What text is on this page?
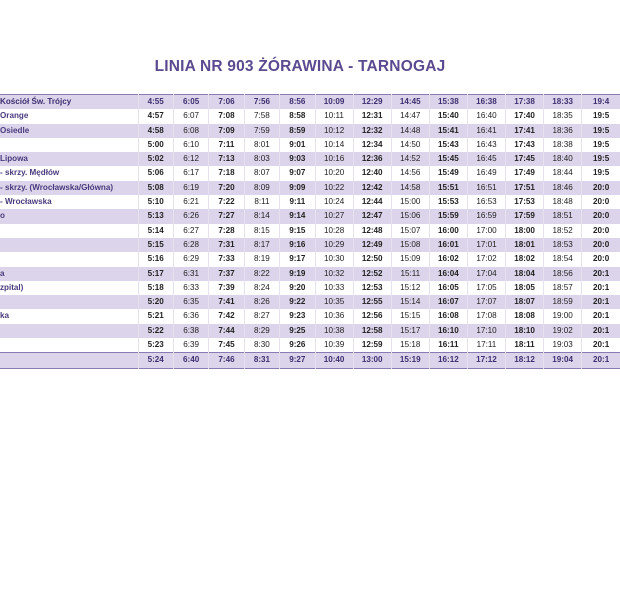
LINIA NR 903 ŻÓRAWINA - TARNOGAJ
Kościół Św. Trójcy	4:55	6:05	7:06	7:56	8:56	10:09	12:29	14:45	15:38	16:38	17:38	18:33	19:4
Orange	4:57	6:07	7:08	7:58	8:58	10:11	12:31	14:47	15:40	16:40	17:40	18:35	19:5
Osiedle	4:58	6:08	7:09	7:59	8:59	10:12	12:32	14:48	15:41	16:41	17:41	18:36	19:5
	5:00	6:10	7:11	8:01	9:01	10:14	12:34	14:50	15:43	16:43	17:43	18:38	19:5
Lipowa	5:02	6:12	7:13	8:03	9:03	10:16	12:36	14:52	15:45	16:45	17:45	18:40	19:5
- skrzy. Mędłów	5:06	6:17	7:18	8:07	9:07	10:20	12:40	14:56	15:49	16:49	17:49	18:44	19:5
- skrzy. (Wrocławska/Główna)	5:08	6:19	7:20	8:09	9:09	10:22	12:42	14:58	15:51	16:51	17:51	18:46	20:0
- Wrocławska	5:10	6:21	7:22	8:11	9:11	10:24	12:44	15:00	15:53	16:53	17:53	18:48	20:0
o	5:13	6:26	7:27	8:14	9:14	10:27	12:47	15:06	15:59	16:59	17:59	18:51	20:0
	5:14	6:27	7:28	8:15	9:15	10:28	12:48	15:07	16:00	17:00	18:00	18:52	20:0
	5:15	6:28	7:31	8:17	9:16	10:29	12:49	15:08	16:01	17:01	18:01	18:53	20:0
	5:16	6:29	7:33	8:19	9:17	10:30	12:50	15:09	16:02	17:02	18:02	18:54	20:0
a	5:17	6:31	7:37	8:22	9:19	10:32	12:52	15:11	16:04	17:04	18:04	18:56	20:1
zpital)	5:18	6:33	7:39	8:24	9:20	10:33	12:53	15:12	16:05	17:05	18:05	18:57	20:1
	5:20	6:35	7:41	8:26	9:22	10:35	12:55	15:14	16:07	17:07	18:07	18:59	20:1
ka	5:21	6:36	7:42	8:27	9:23	10:36	12:56	15:15	16:08	17:08	18:08	19:00	20:1
	5:22	6:38	7:44	8:29	9:25	10:38	12:58	15:17	16:10	17:10	18:10	19:02	20:1
	5:23	6:39	7:45	8:30	9:26	10:39	12:59	15:18	16:11	17:11	18:11	19:03	20:1
	5:24	6:40	7:46	8:31	9:27	10:40	13:00	15:19	16:12	17:12	18:12	19:04	20:1
